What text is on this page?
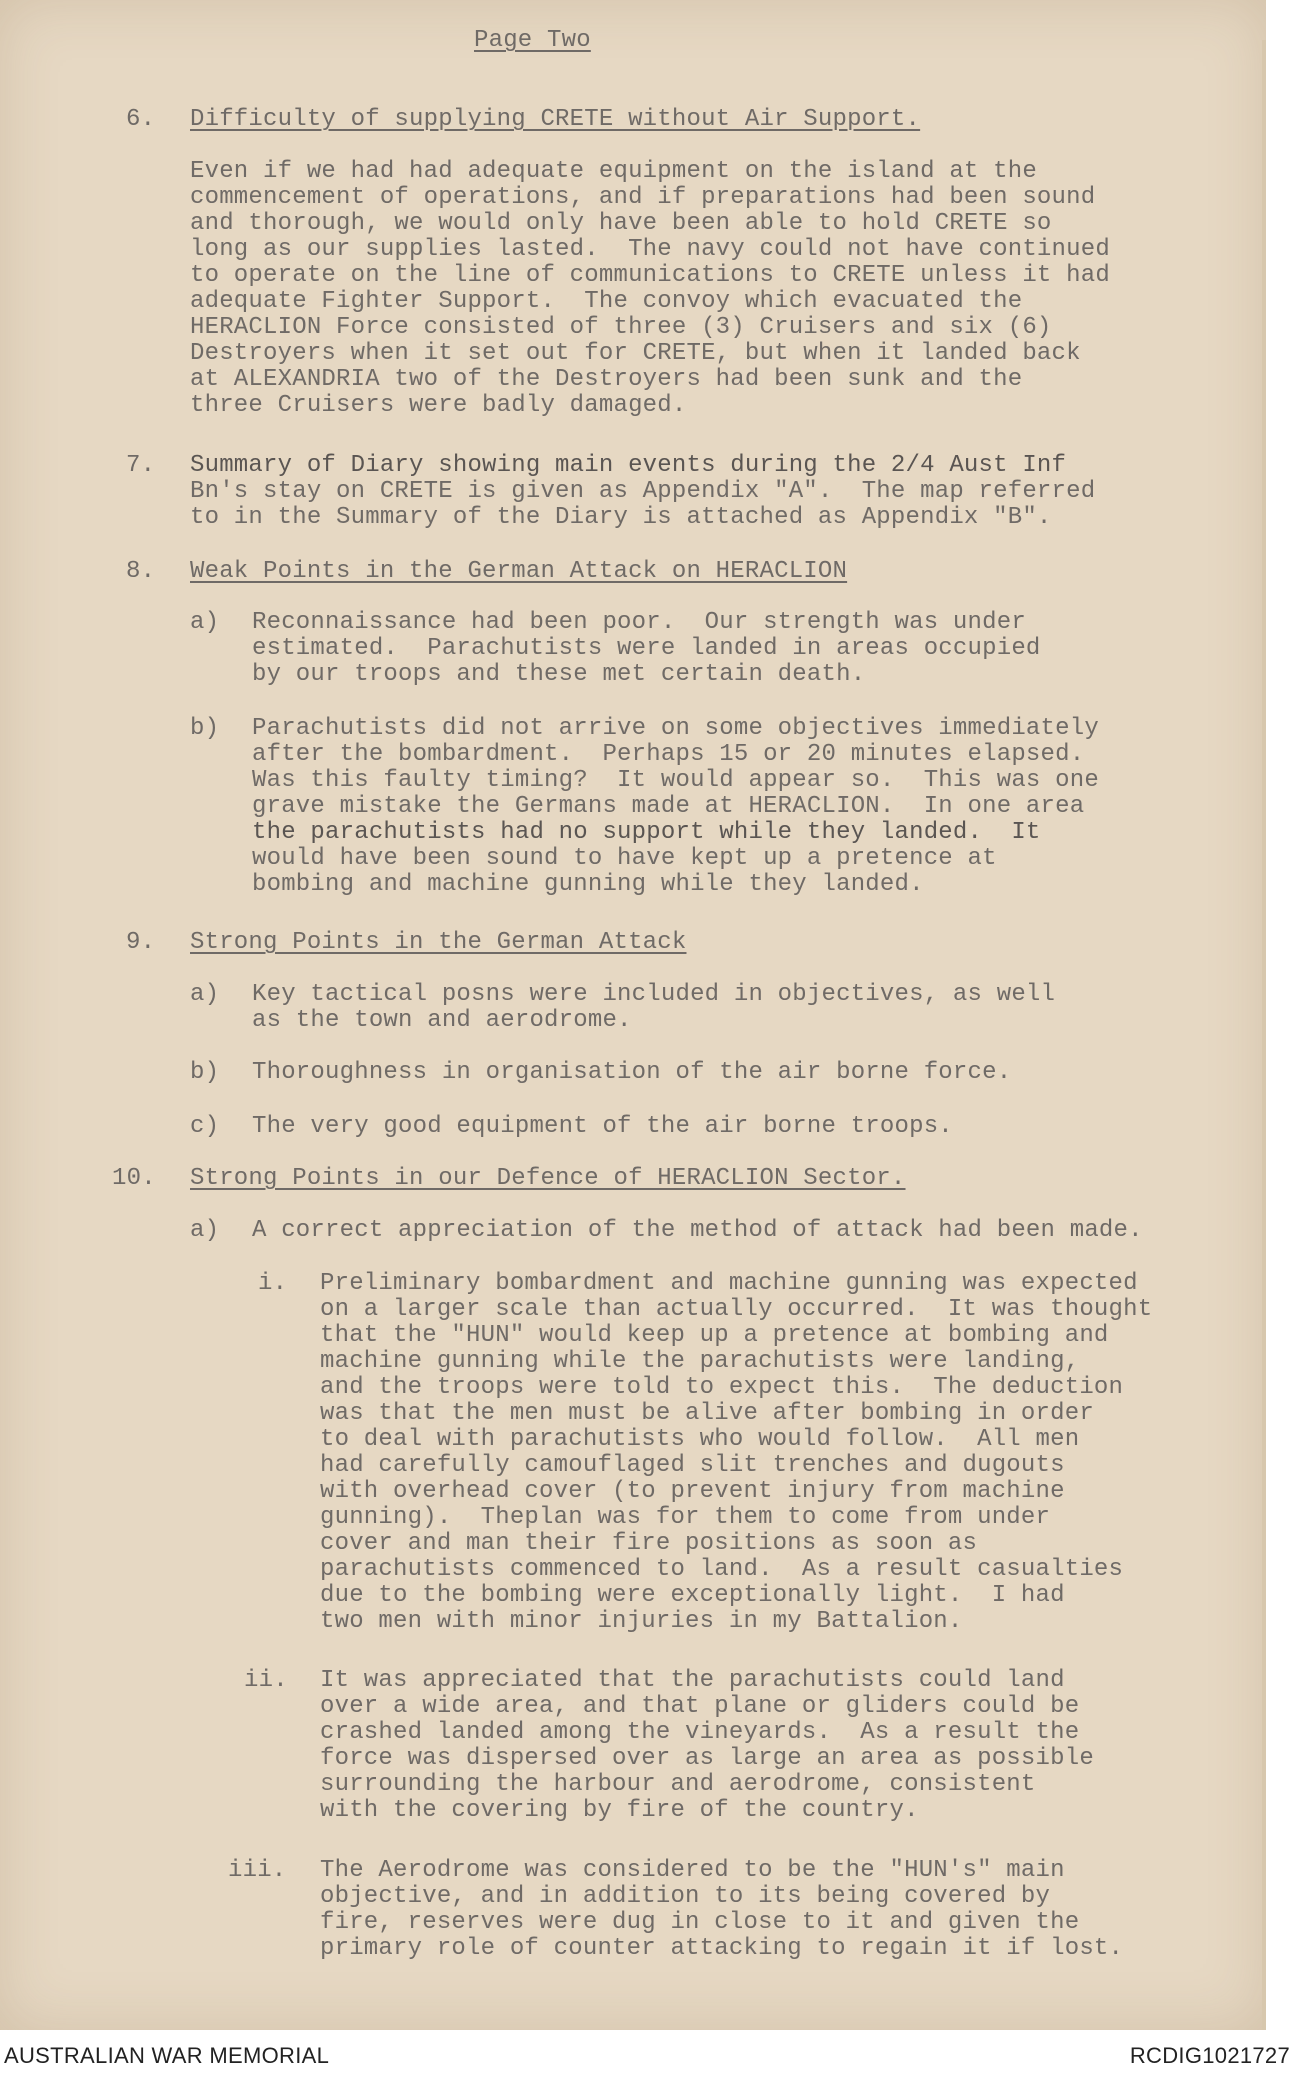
Page Two
6. Difficulty of supplying CRETE without Air Support.
Even if we had had adequate equipment on the island at the
commencement of operations, and if preparations had been sound
and thorough, we would only have been able to hold CRETE so
long as our supplies lasted.  The navy could not have continued
to operate on the line of communications to CRETE unless it had
adequate Fighter Support.  The convoy which evacuated the
HERACLION Force consisted of three (3) Cruisers and six (6)
Destroyers when it set out for CRETE, but when it landed back
at ALEXANDRIA two of the Destroyers had been sunk and the
three Cruisers were badly damaged.
7. Summary of Diary showing main events during the 2/4 Aust Inf
Bn's stay on CRETE is given as Appendix "A".  The map referred
to in the Summary of the Diary is attached as Appendix "B".
8. Weak Points in the German Attack on HERACLION
a) Reconnaissance had been poor.  Our strength was under
estimated.  Parachutists were landed in areas occupied
by our troops and these met certain death.
b) Parachutists did not arrive on some objectives immediately
after the bombardment.  Perhaps 15 or 20 minutes elapsed.
Was this faulty timing?  It would appear so.  This was one
grave mistake the Germans made at HERACLION.  In one area
the parachutists had no support while they landed.  It
would have been sound to have kept up a pretence at
bombing and machine gunning while they landed.
9. Strong Points in the German Attack
a) Key tactical posns were included in objectives, as well
as the town and aerodrome.
b) Thoroughness in organisation of the air borne force.
c) The very good equipment of the air borne troops.
10. Strong Points in our Defence of HERACLION Sector.
a) A correct appreciation of the method of attack had been made.
i. Preliminary bombardment and machine gunning was expected
on a larger scale than actually occurred.  It was thought
that the "HUN" would keep up a pretence at bombing and
machine gunning while the parachutists were landing,
and the troops were told to expect this.  The deduction
was that the men must be alive after bombing in order
to deal with parachutists who would follow.  All men
had carefully camouflaged slit trenches and dugouts
with overhead cover (to prevent injury from machine
gunning).  Theplan was for them to come from under
cover and man their fire positions as soon as
parachutists commenced to land.  As a result casualties
due to the bombing were exceptionally light.  I had
two men with minor injuries in my Battalion.
ii. It was appreciated that the parachutists could land
over a wide area, and that plane or gliders could be
crashed landed among the vineyards.  As a result the
force was dispersed over as large an area as possible
surrounding the harbour and aerodrome, consistent
with the covering by fire of the country.
iii. The Aerodrome was considered to be the "HUN's" main
objective, and in addition to its being covered by
fire, reserves were dug in close to it and given the
primary role of counter attacking to regain it if lost.
AUSTRALIAN WAR MEMORIAL	RCDIG1021727
